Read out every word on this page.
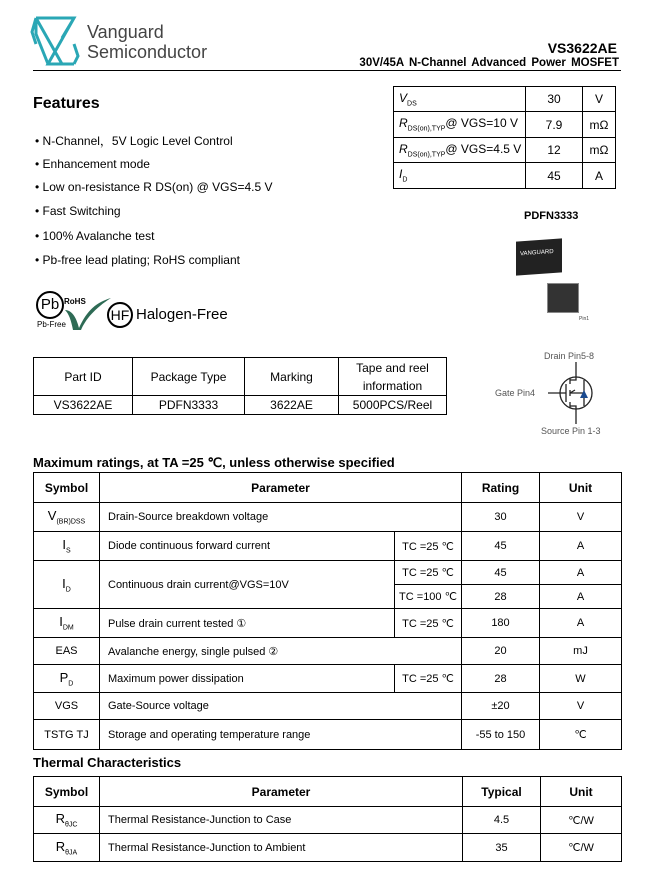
Vanguard
Semiconductor	VS3622AE
30V/45A N-Channel Advanced Power MOSFET
Features
• N-Channel，5V Logic Level Control
• Enhancement mode
• Low on-resistance R DS(on) @ VGS=4.5 V
• Fast Switching
• 100% Avalanche test
• Pb-free lead plating; RoHS compliant
Pb
Pb-Free
RoHS
HF Halogen-Free
$V_{DS}$	30	V
$R_{DS(on),TYP}@$ VGS=10 V	7.9	mΩ
$R_{DS(on),TYP}@$ VGS=4.5 V	12	mΩ
$I_D$	45	A
PDFN3333
VANGUARD
Pin1
Drain Pin5-8
Gate Pin4
Source Pin 1-3
Part ID	Package Type	Marking	Tape and reel information
VS3622AE	PDFN3333	3622AE	5000PCS/Reel
Maximum ratings, at TA =25 ℃, unless otherwise specified
Symbol	Parameter		Rating	Unit
$V_{(BR)DSS}$	Drain-Source breakdown voltage		30	V
$I_S$	Diode continuous forward current	TC =25 ℃	45	A
$I_D$	Continuous drain current@VGS=10V	TC =25 ℃	45	A
		TC =100 ℃	28	A
$I_{DM}$	Pulse drain current tested ①	TC =25 ℃	180	A
EAS	Avalanche energy, single pulsed ②		20	mJ
$P_D$	Maximum power dissipation	TC =25 ℃	28	W
VGS	Gate-Source voltage		±20	V
TSTG TJ	Storage and operating temperature range		-55 to 150	℃
Thermal Characteristics
Symbol	Parameter	Typical	Unit
$R_{\theta JC}$	Thermal Resistance-Junction to Case	4.5	℃/W
$R_{\theta JA}$	Thermal Resistance-Junction to Ambient	35	℃/W
